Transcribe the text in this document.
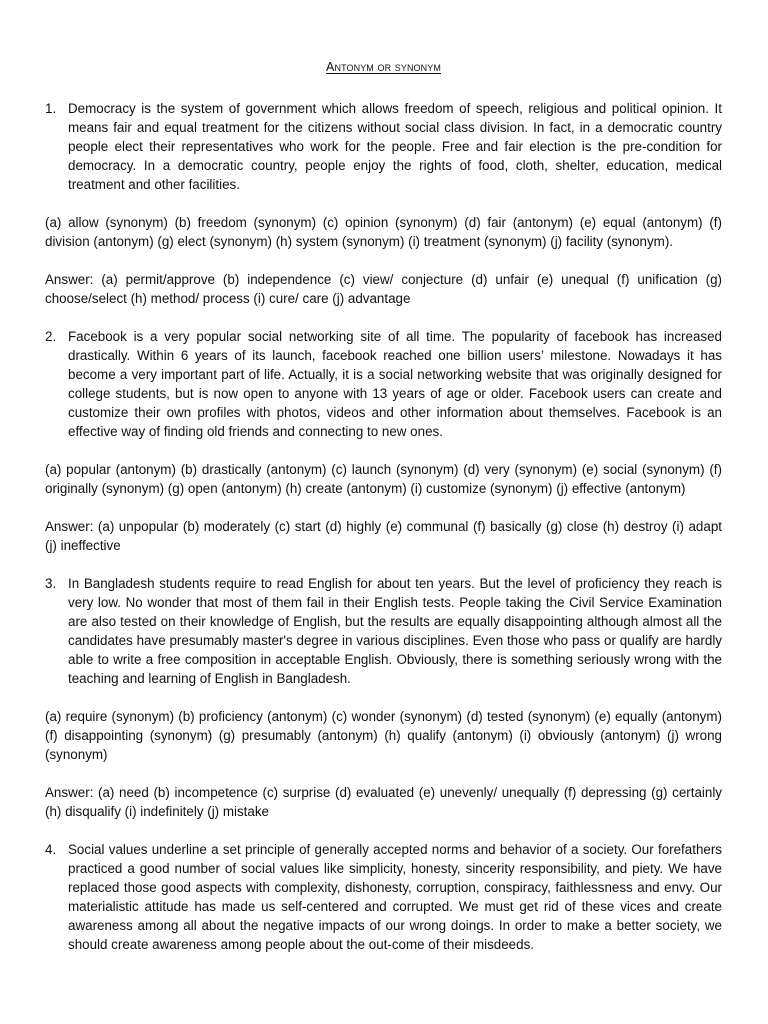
Antonym or synonym
1. Democracy is the system of government which allows freedom of speech, religious and political opinion. It means fair and equal treatment for the citizens without social class division. In fact, in a democratic country people elect their representatives who work for the people. Free and fair election is the pre-condition for democracy. In a democratic country, people enjoy the rights of food, cloth, shelter, education, medical treatment and other facilities.

(a) allow (synonym) (b) freedom (synonym) (c) opinion (synonym) (d) fair (antonym) (e) equal (antonym) (f) division (antonym) (g) elect (synonym) (h) system (synonym) (i) treatment (synonym) (j) facility (synonym).

Answer: (a) permit/approve (b) independence (c) view/ conjecture (d) unfair (e) unequal (f) unification (g) choose/select (h) method/ process (i) cure/ care (j) advantage

2. Facebook is a very popular social networking site of all time. The popularity of facebook has increased drastically. Within 6 years of its launch, facebook reached one billion users’ milestone. Nowadays it has become a very important part of life. Actually, it is a social networking website that was originally designed for college students, but is now open to anyone with 13 years of age or older. Facebook users can create and customize their own profiles with photos, videos and other information about themselves. Facebook is an effective way of finding old friends and connecting to new ones.

(a) popular (antonym) (b) drastically (antonym) (c) launch (synonym) (d) very (synonym) (e) social (synonym) (f) originally (synonym) (g) open (antonym) (h) create (antonym) (i) customize (synonym) (j) effective (antonym)

Answer: (a) unpopular (b) moderately (c) start (d) highly (e) communal (f) basically (g) close (h) destroy (i) adapt (j) ineffective

3. In Bangladesh students require to read English for about ten years. But the level of proficiency they reach is very low. No wonder that most of them fail in their English tests. People taking the Civil Service Examination are also tested on their knowledge of English, but the results are equally disappointing although almost all the candidates have presumably master's degree in various disciplines. Even those who pass or qualify are hardly able to write a free composition in acceptable English. Obviously, there is something seriously wrong with the teaching and learning of English in Bangladesh.

(a) require (synonym) (b) proficiency (antonym) (c) wonder (synonym) (d) tested (synonym) (e) equally (antonym) (f) disappointing (synonym) (g) presumably (antonym) (h) qualify (antonym) (i) obviously (antonym) (j) wrong (synonym)

Answer: (a) need (b) incompetence (c) surprise (d) evaluated (e) unevenly/ unequally (f) depressing (g) certainly (h) disqualify (i) indefinitely (j) mistake

4. Social values underline a set principle of generally accepted norms and behavior of a society. Our forefathers practiced a good number of social values like simplicity, honesty, sincerity responsibility, and piety. We have replaced those good aspects with complexity, dishonesty, corruption, conspiracy, faithlessness and envy. Our materialistic attitude has made us self-centered and corrupted. We must get rid of these vices and create awareness among all about the negative impacts of our wrong doings. In order to make a better society, we should create awareness among people about the out-come of their misdeeds.
